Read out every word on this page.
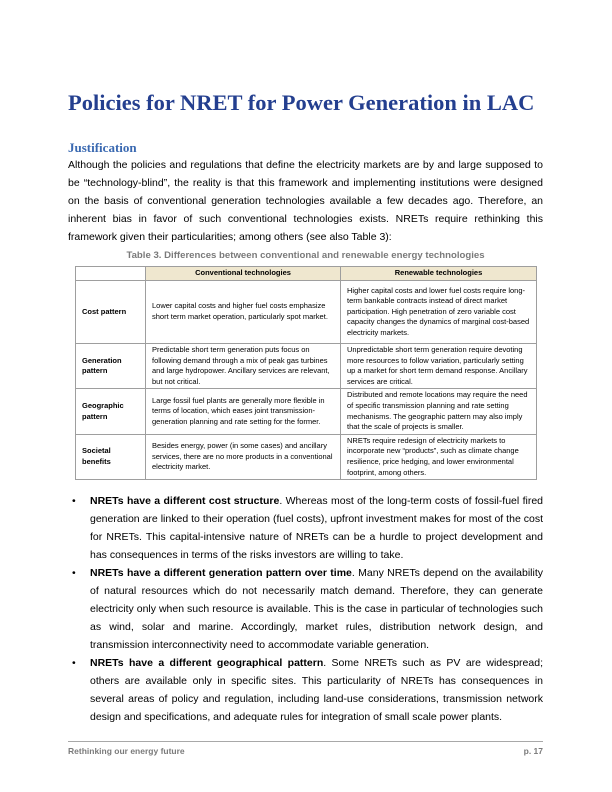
Policies for NRET for Power Generation in LAC
Justification

Although the policies and regulations that define the electricity markets are by and large supposed to be “technology-blind”, the reality is that this framework and implementing institutions were designed on the basis of conventional generation technologies available a few decades ago. Therefore, an inherent bias in favor of such conventional technologies exists. NRETs require rethinking this framework given their particularities; among others (see also Table 3):

Table 3. Differences between conventional and renewable energy technologies
	Conventional technologies	Renewable technologies
Cost pattern	Lower capital costs and higher fuel costs emphasize short term market operation, particularly spot market.	Higher capital costs and lower fuel costs require long-term bankable contracts instead of direct market participation. High penetration of zero variable cost capacity changes the dynamics of marginal cost-based electricity markets.
Generation pattern	Predictable short term generation puts focus on following demand through a mix of peak gas turbines and large hydropower. Ancillary services are relevant, but not critical.	Unpredictable short term generation require devoting more resources to follow variation, particularly setting up a market for short term demand response. Ancillary services are critical.
Geographic pattern	Large fossil fuel plants are generally more flexible in terms of location, which eases joint transmission-generation planning and rate setting for the former.	Distributed and remote locations may require the need of specific transmission planning and rate setting mechanisms. The geographic pattern may also imply that the scale of projects is smaller.
Societal benefits	Besides energy, power (in some cases) and ancillary services, there are no more products in a conventional electricity market.	NRETs require redesign of electricity markets to incorporate new “products”, such as climate change resilience, price hedging, and lower environmental footprint, among others.
• NRETs have a different cost structure. Whereas most of the long-term costs of fossil-fuel fired generation are linked to their operation (fuel costs), upfront investment makes for most of the cost for NRETs. This capital-intensive nature of NRETs can be a hurdle to project development and has consequences in terms of the risks investors are willing to take.
• NRETs have a different generation pattern over time. Many NRETs depend on the availability of natural resources which do not necessarily match demand. Therefore, they can generate electricity only when such resource is available. This is the case in particular of technologies such as wind, solar and marine. Accordingly, market rules, distribution network design, and transmission interconnectivity need to accommodate variable generation.
• NRETs have a different geographical pattern. Some NRETs such as PV are widespread; others are available only in specific sites. This particularity of NRETs has consequences in several areas of policy and regulation, including land-use considerations, transmission network design and specifications, and adequate rules for integration of small scale power plants.
Rethinking our energy future	p. 17
